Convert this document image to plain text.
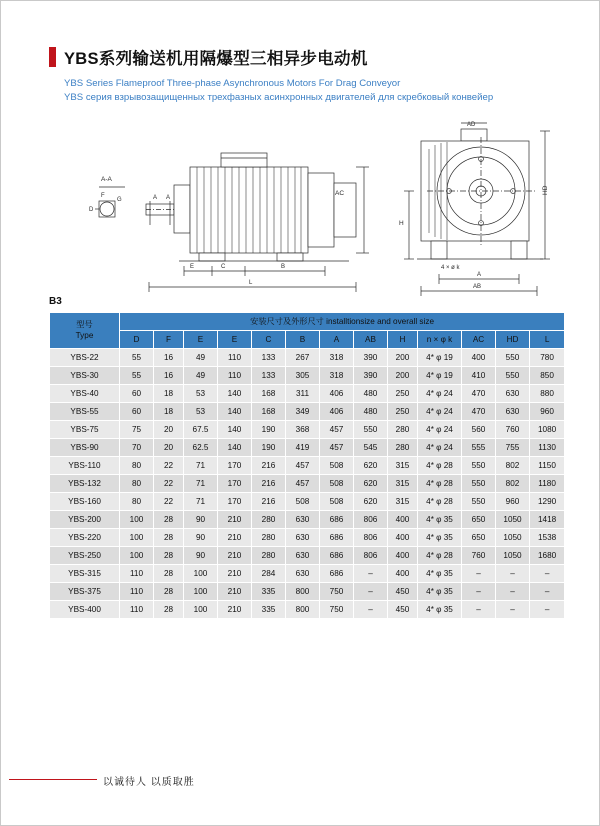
YBS系列输送机用隔爆型三相异步电动机
YBS Series Flameproof Three-phase Asynchronous Motors For Drag Conveyor
YBS серия взрывозащищенных трехфазных асинхронных двигателей для скребковый конвейер
A-A
F
G
D
A A
AC
E	C	B
L
AD
H
HD
4 × ø k
A
AB
B3
型号
Type	安装尺寸及外形尺寸 installtionsize and overall size												
	D	F	E	E	C	B	A	AB	H	n × φ k	AC	HD	L
YBS-22	55	16	49	110	133	267	318	390	200	4* φ 19	400	550	780
YBS-30	55	16	49	110	133	305	318	390	200	4* φ 19	410	550	850
YBS-40	60	18	53	140	168	311	406	480	250	4* φ 24	470	630	880
YBS-55	60	18	53	140	168	349	406	480	250	4* φ 24	470	630	960
YBS-75	75	20	67.5	140	190	368	457	550	280	4* φ 24	560	760	1080
YBS-90	70	20	62.5	140	190	419	457	545	280	4* φ 24	555	755	1130
YBS-110	80	22	71	170	216	457	508	620	315	4* φ 28	550	802	1150
YBS-132	80	22	71	170	216	457	508	620	315	4* φ 28	550	802	1180
YBS-160	80	22	71	170	216	508	508	620	315	4* φ 28	550	960	1290
YBS-200	100	28	90	210	280	630	686	806	400	4* φ 35	650	1050	1418
YBS-220	100	28	90	210	280	630	686	806	400	4* φ 35	650	1050	1538
YBS-250	100	28	90	210	280	630	686	806	400	4* φ 28	760	1050	1680
YBS-315	110	28	100	210	284	630	686	–	400	4* φ 35	–	–	–
YBS-375	110	28	100	210	335	800	750	–	450	4* φ 35	–	–	–
YBS-400	110	28	100	210	335	800	750	–	450	4* φ 35	–	–	–
以诚待人 以质取胜
